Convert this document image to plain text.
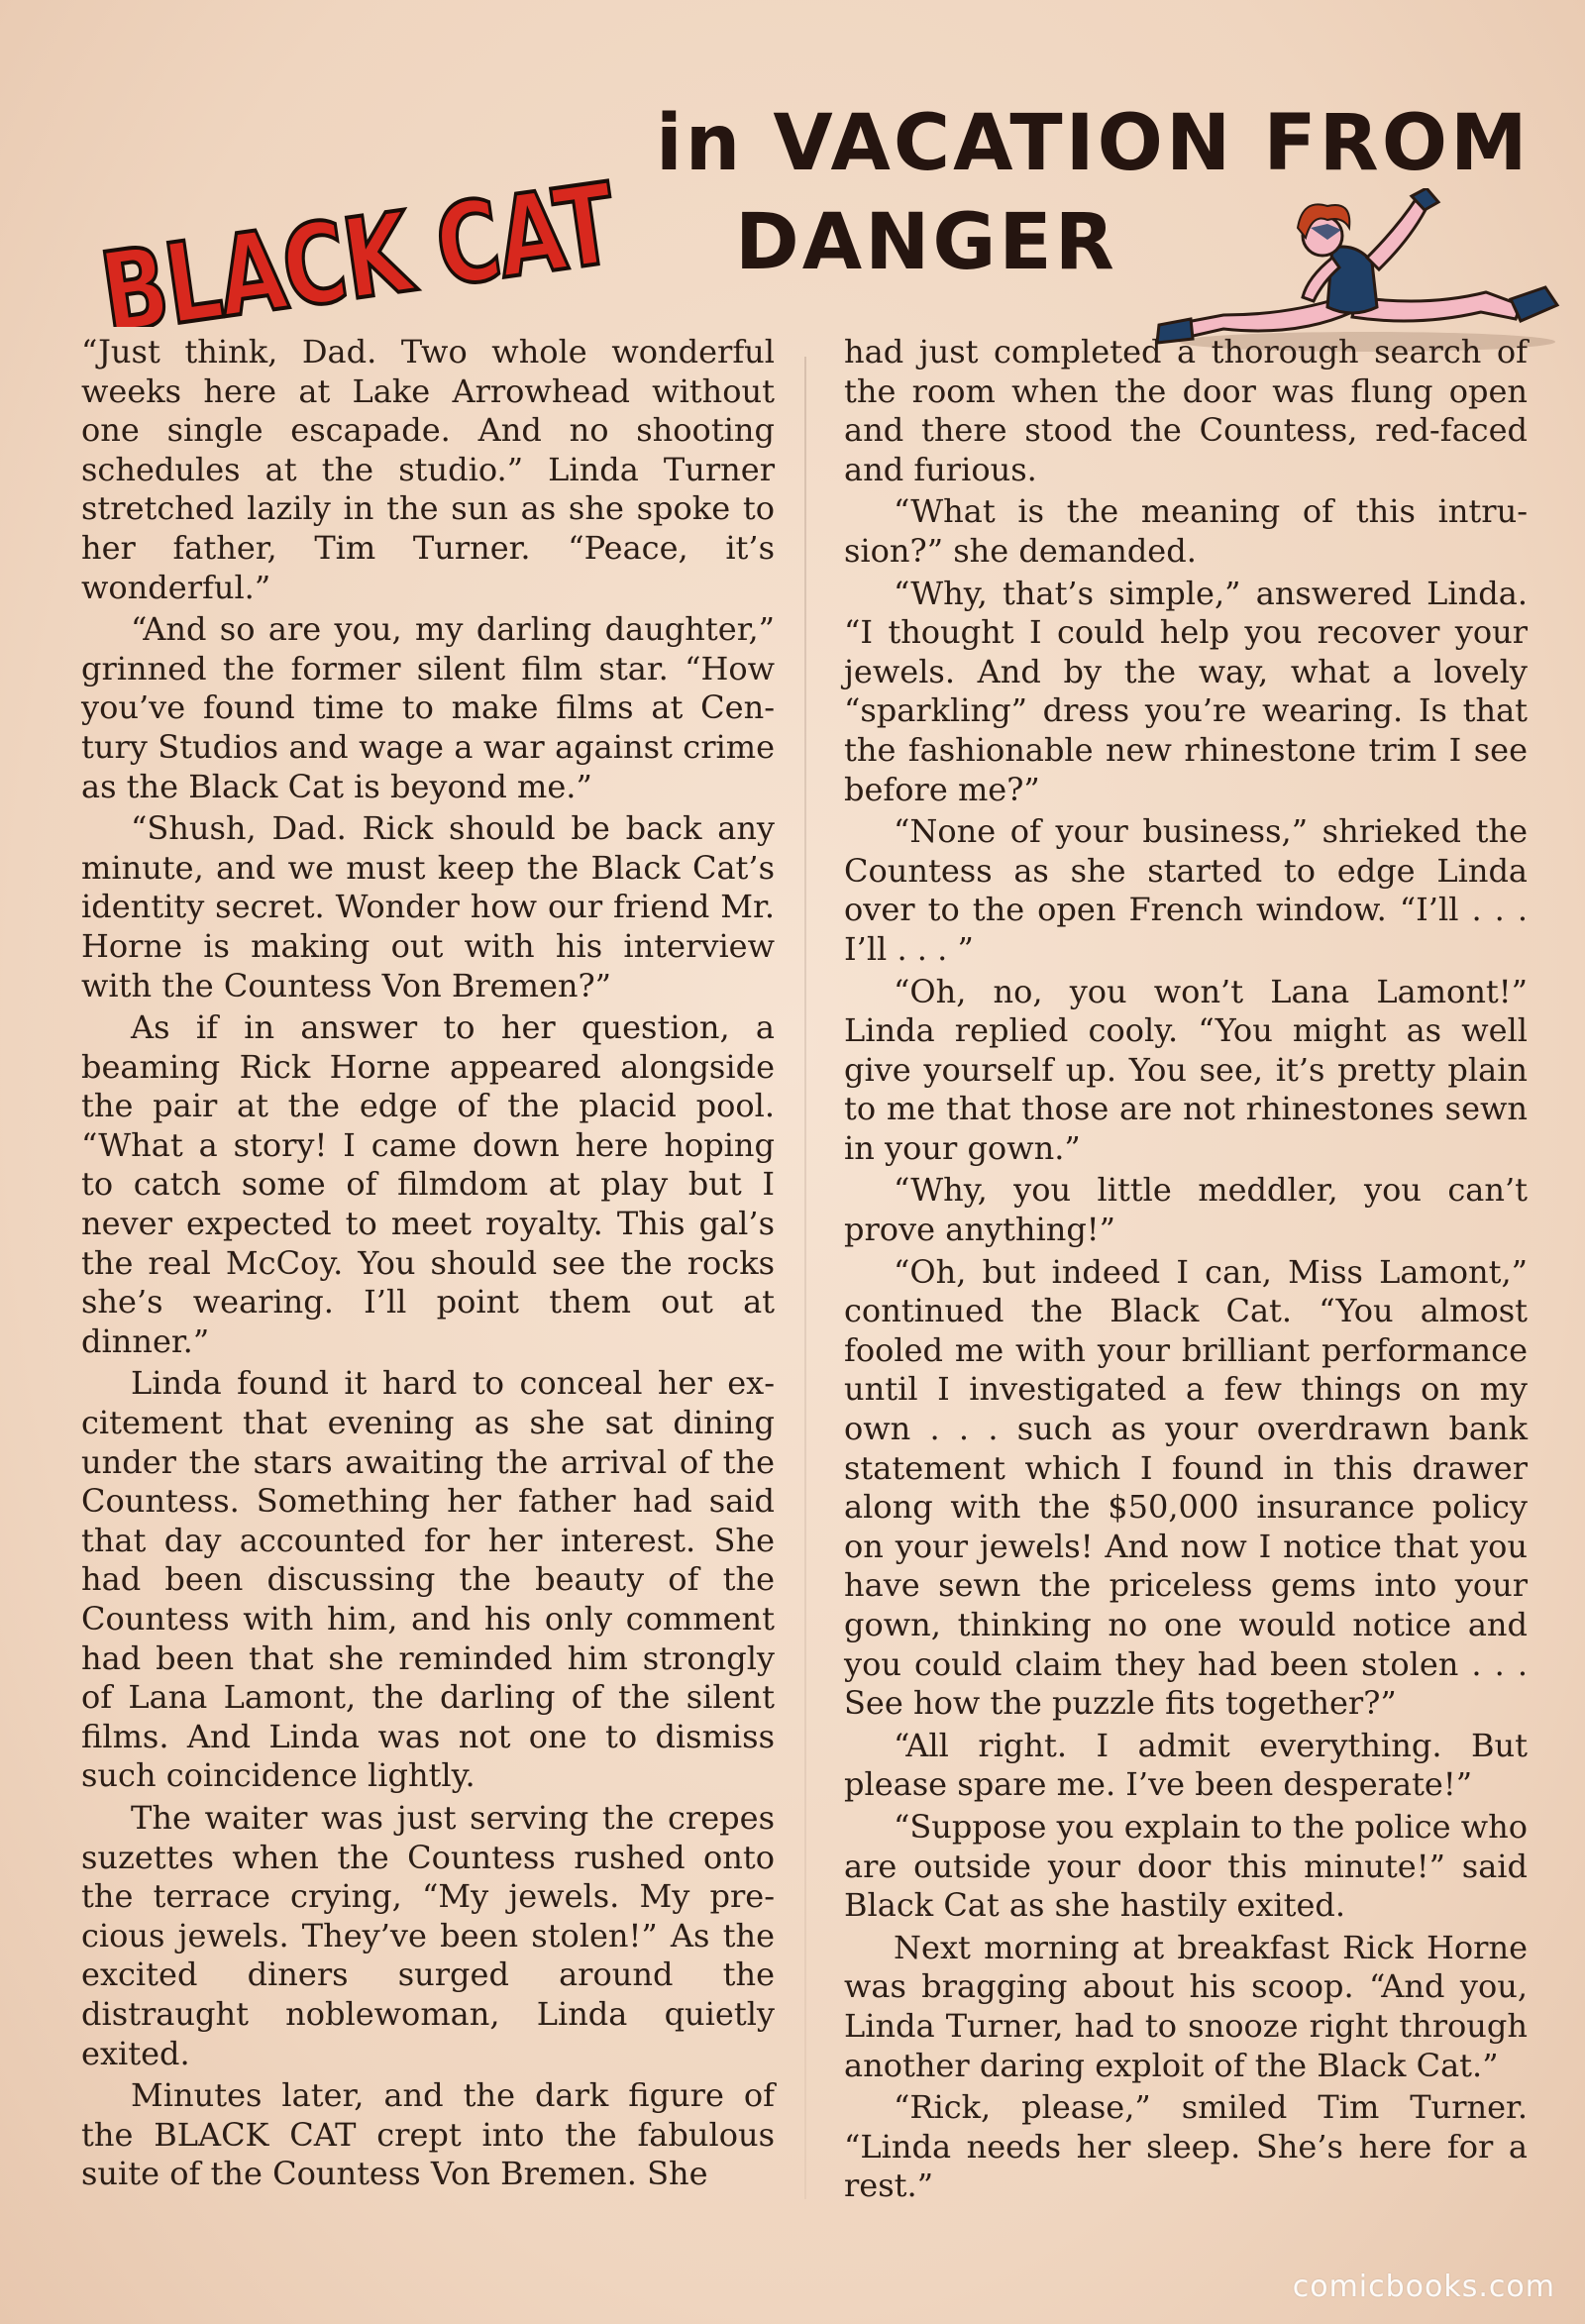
BLACK CAT
in VACATION FROM
DANGER

“Just think, Dad. Two whole wonderful weeks here at Lake Arrowhead without one single escapade. And no shooting schedules at the studio.” Linda Turner stretched lazily in the sun as she spoke to her father, Tim Turner. “Peace, it’s wonderful.”

“And so are you, my darling daughter,” grinned the former silent film star. “How you’ve found time to make films at Century Studios and wage a war against crime as the Black Cat is beyond me.”

“Shush, Dad. Rick should be back any minute, and we must keep the Black Cat’s identity secret. Wonder how our friend Mr. Horne is making out with his interview with the Countess Von Bremen?”

As if in answer to her question, a beaming Rick Horne appeared alongside the pair at the edge of the placid pool. “What a story! I came down here hoping to catch some of filmdom at play but I never expected to meet royalty. This gal’s the real McCoy. You should see the rocks she’s wearing. I’ll point them out at dinner.”

Linda found it hard to conceal her excitement that evening as she sat dining under the stars awaiting the arrival of the Countess. Something her father had said that day accounted for her interest. She had been discussing the beauty of the Countess with him, and his only comment had been that she reminded him strongly of Lana Lamont, the darling of the silent films. And Linda was not one to dismiss such coincidence lightly.

The waiter was just serving the crepes suzettes when the Countess rushed onto the terrace crying, “My jewels. My precious jewels. They’ve been stolen!” As the excited diners surged around the distraught noblewoman, Linda quietly exited.

Minutes later, and the dark figure of the BLACK CAT crept into the fabulous suite of the Countess Von Bremen. She

had just completed a thorough search of the room when the door was flung open and there stood the Countess, red-faced and furious.

“What is the meaning of this intrusion?” she demanded.

“Why, that’s simple,” answered Linda. “I thought I could help you recover your jewels. And by the way, what a lovely “sparkling” dress you’re wearing. Is that the fashionable new rhinestone trim I see before me?”

“None of your business,” shrieked the Countess as she started to edge Linda over to the open French window. “I’ll . . . I’ll . . . ”

“Oh, no, you won’t Lana Lamont!” Linda replied cooly. “You might as well give yourself up. You see, it’s pretty plain to me that those are not rhinestones sewn in your gown.”

“Why, you little meddler, you can’t prove anything!”

“Oh, but indeed I can, Miss Lamont,” continued the Black Cat. “You almost fooled me with your brilliant performance until I investigated a few things on my own . . . such as your overdrawn bank statement which I found in this drawer along with the $50,000 insurance policy on your jewels! And now I notice that you have sewn the priceless gems into your gown, thinking no one would notice and you could claim they had been stolen . . . See how the puzzle fits together?”

“All right. I admit everything. But please spare me. I’ve been desperate!”

“Suppose you explain to the police who are outside your door this minute!” said Black Cat as she hastily exited.

Next morning at breakfast Rick Horne was bragging about his scoop. “And you, Linda Turner, had to snooze right through another daring exploit of the Black Cat.”

“Rick, please,” smiled Tim Turner. “Linda needs her sleep. She’s here for a rest.”

comicbooks.com
